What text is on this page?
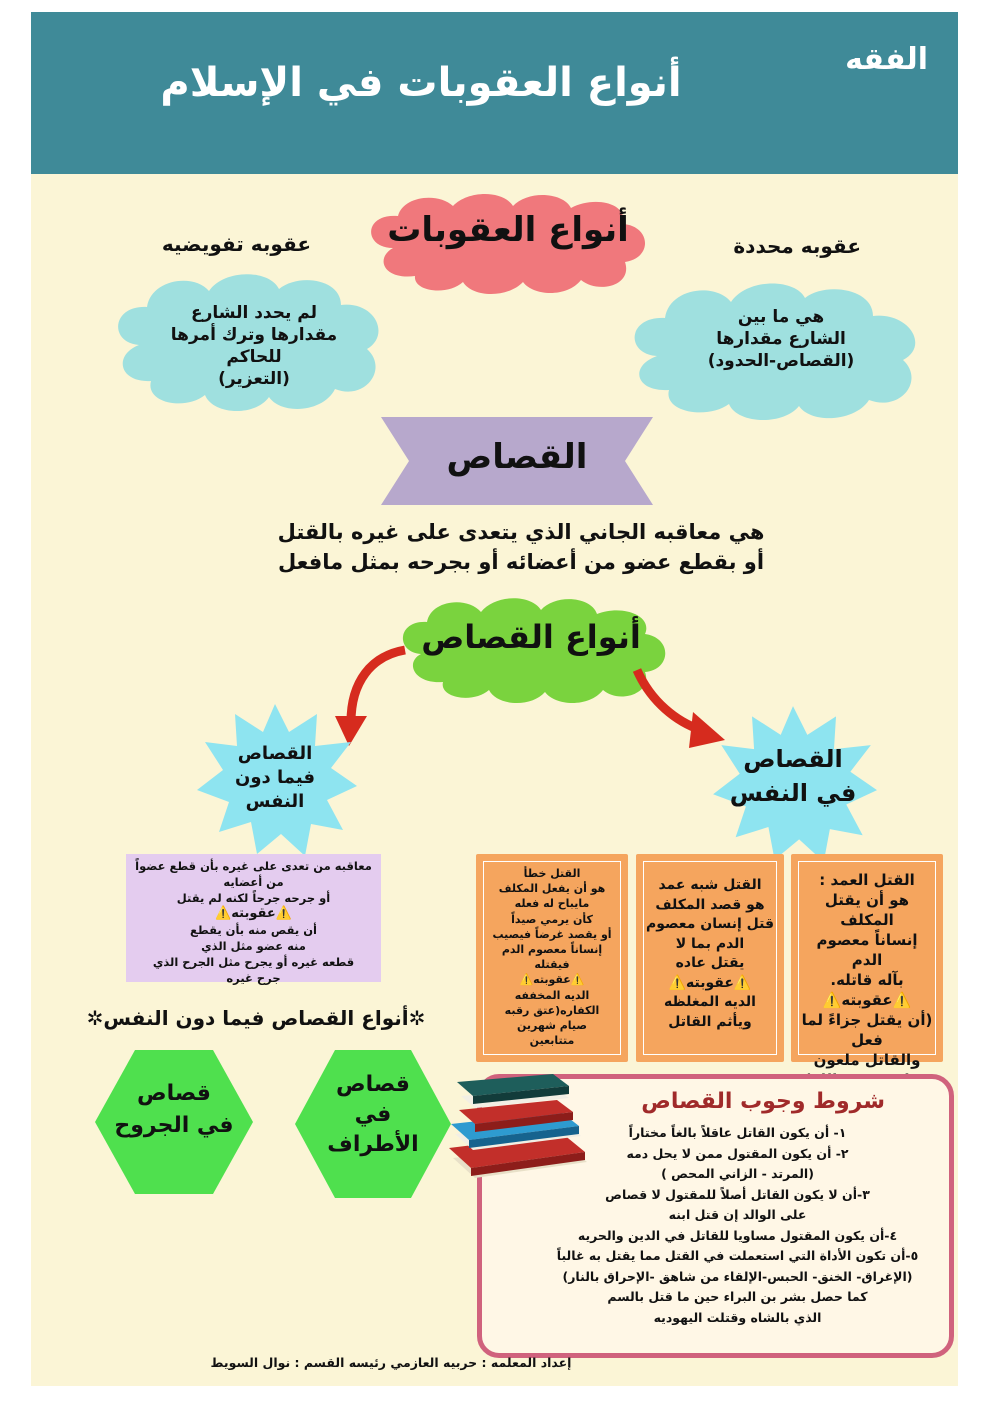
الفقه
أنواع العقوبات في الإسلام
أنواع العقوبات	عقوبه محددة
عقوبه تفويضيه
لم يحدد الشارع
مقدارها وترك أمرها
للحاكم
(التعزير)
هي ما بين
الشارع مقدارها
(القصاص-الحدود)
القصاص
هي معاقبه الجاني الذي يتعدى على غيره بالقتل
أو بقطع عضو من أعضائه أو بجرحه بمثل مافعل
أنواع القصاص
القصاص
فيما دون
النفس
القصاص
في النفس
معاقبه من تعدى على غيره بأن قطع عضواً من أعضايه
أو جرحه جرحاً لكنه لم يقتل
⚠️عقوبته⚠️
أن يقص منه بأن يقطع
منه عضو مثل الذي
قطعه غيره أو يجرح مثل الجرح الذي
جرح غيره
القتل العمد :
هو أن يقتل المكلف
إنساناً معصوم الدم
بآله قاتله.
⚠️عقوبته⚠️
(أن يقتل جزاءً لما فعل
والقاتل ملعون
القتل شبه عمد
هو قصد المكلف
قتل إنسان معصوم
الدم بما لا
يقتل عاده
⚠️عقوبته⚠️
الديه المغلظه
ويأثم القاتل
القتل خطأ
هو أن يفعل المكلف
مايباح له فعله
كأن يرمي صيداً
أو يقصد غرضاً فيصيب
إنساناً معصوم الدم
فيقتله
⚠️عقوبته⚠️
الديه المخففه
الكفاره(عتق رقبه
صيام شهرين
متتابعين
✲أنواع القصاص فيما دون النفس✲
قصاص
في الجروح
قصاص
في
الأطراف
شروط وجوب القصاص
١- أن يكون القاتل عاقلاً بالغاً مختاراً
٢- أن يكون المقتول ممن لا يحل دمه
(المرتد - الزاني المحص )
٣-أن لا يكون القاتل أصلاً للمقتول لا قصاص
على الوالد إن قتل ابنه
٤-أن يكون المقتول مساويا للقاتل في الدين والحريه
٥-أن تكون الأداة التي استعملت في القتل مما يقتل به غالباً
(الإغراق- الخنق- الحبس-الإلقاء من شاهق -الإحراق بالنار)
كما حصل بشر بن البراء حين ما قتل بالسم
الذي بالشاه وقتلت اليهوديه
إعداد المعلمه : حربيه العازمي رئيسه القسم : نوال السويط
